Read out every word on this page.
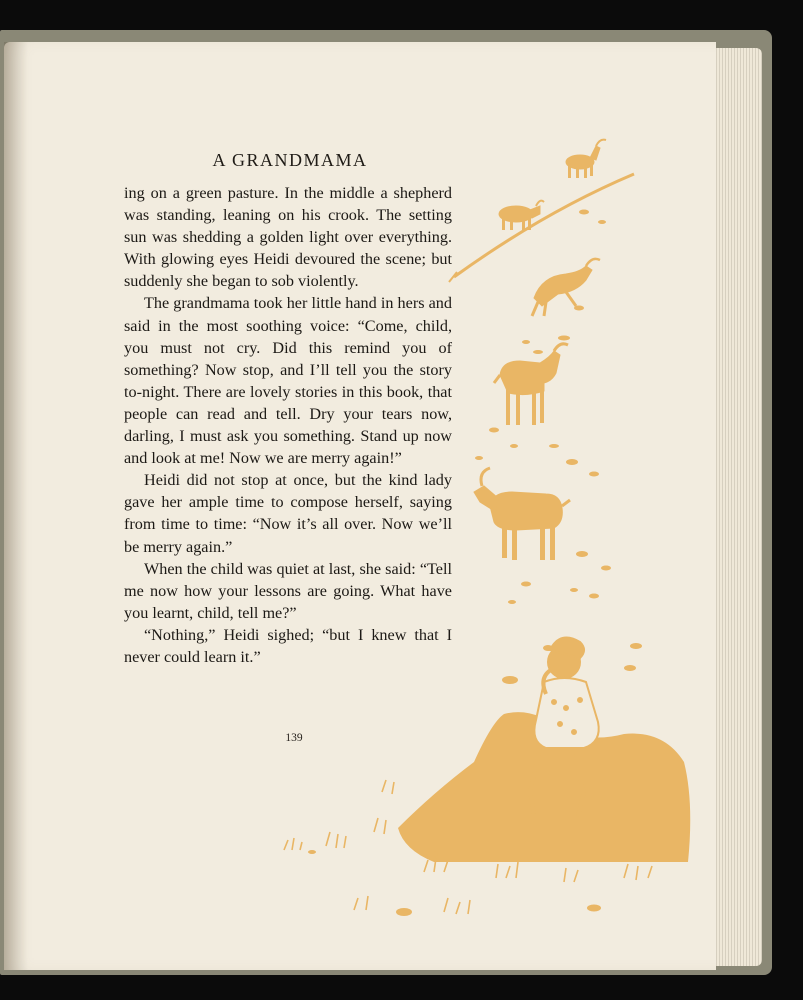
A GRANDMAMA

ing on a green pasture. In the middle a shepherd was standing, leaning on his crook. The setting sun was shedding a golden light over everything. With glowing eyes Heidi devoured the scene; but suddenly she began to sob violently.

The grandmama took her little hand in hers and said in the most soothing voice: “Come, child, you must not cry. Did this remind you of something? Now stop, and I’ll tell you the story to-night. There are lovely stories in this book, that people can read and tell. Dry your tears now, darling, I must ask you something. Stand up now and look at me! Now we are merry again!”

Heidi did not stop at once, but the kind lady gave her ample time to compose herself, saying from time to time: “Now it’s all over. Now we’ll be merry again.”

When the child was quiet at last, she said: “Tell me now how your lessons are going. What have you learnt, child, tell me?”

“Nothing,” Heidi sighed; “but I knew that I never could learn it.”

139
